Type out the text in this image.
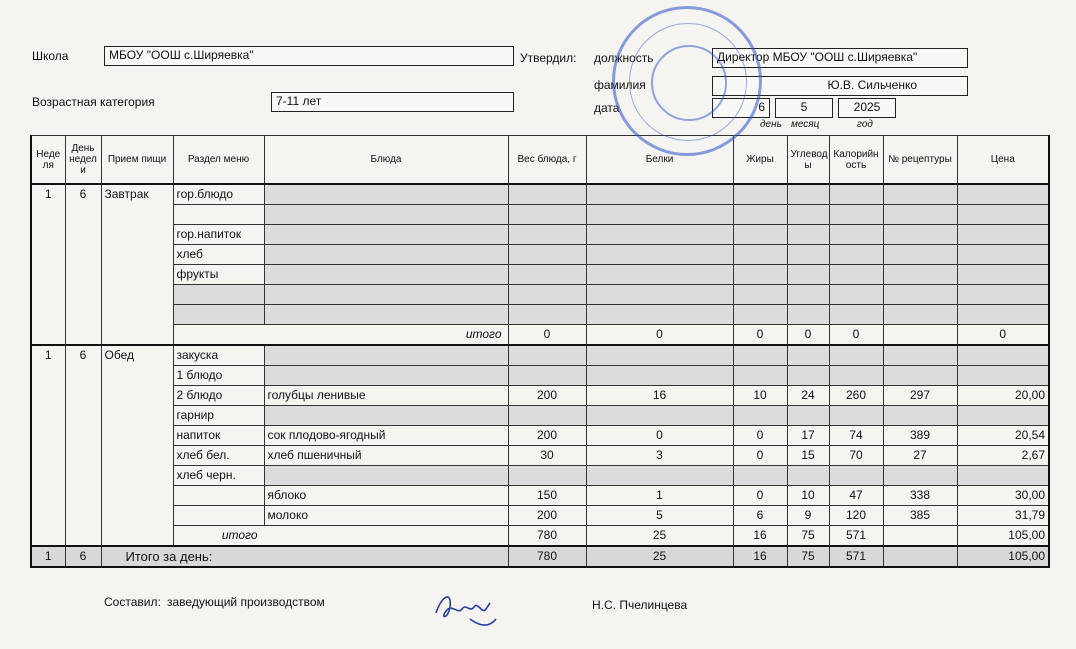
Школа	МБОУ "ООШ с.Ширяевка"
Возрастная категория	7-11 лет
Утвердил: должность	Директор МБОУ "ООШ с.Ширяевка"
фамилия	Ю.В. Сильченко
дата	6	5	2025
день месяц	год
Неде ля	День недел и	Прием пищи	Раздел меню	Блюда	Вес блюда, г	Белки	Жиры	Углевод ы	Калорийн ость	№ рецептуры	Цена
1	6	Завтрак	гор.блюдо								

			гор.напиток								
			хлеб								
			фрукты								

			итого		0	0	0	0	0		0
1	6	Обед	закуска								
			1 блюдо								
			2 блюдо	голубцы ленивые	200	16	10	24	260	297	20,00
			гарнир								
			напиток	сок плодово-ягодный	200	0	0	17	74	389	20,54
			хлеб бел.	хлеб пшеничный	30	3	0	15	70	27	2,67
			хлеб черн.								
				яблоко	150	1	0	10	47	338	30,00
				молоко	200	5	6	9	120	385	31,79
			итого		780	25	16	75	571		105,00
1	6	Итого за день:			780	25	16	75	571		105,00
Составил: заведующий производством	Н.С. Пчелинцева
